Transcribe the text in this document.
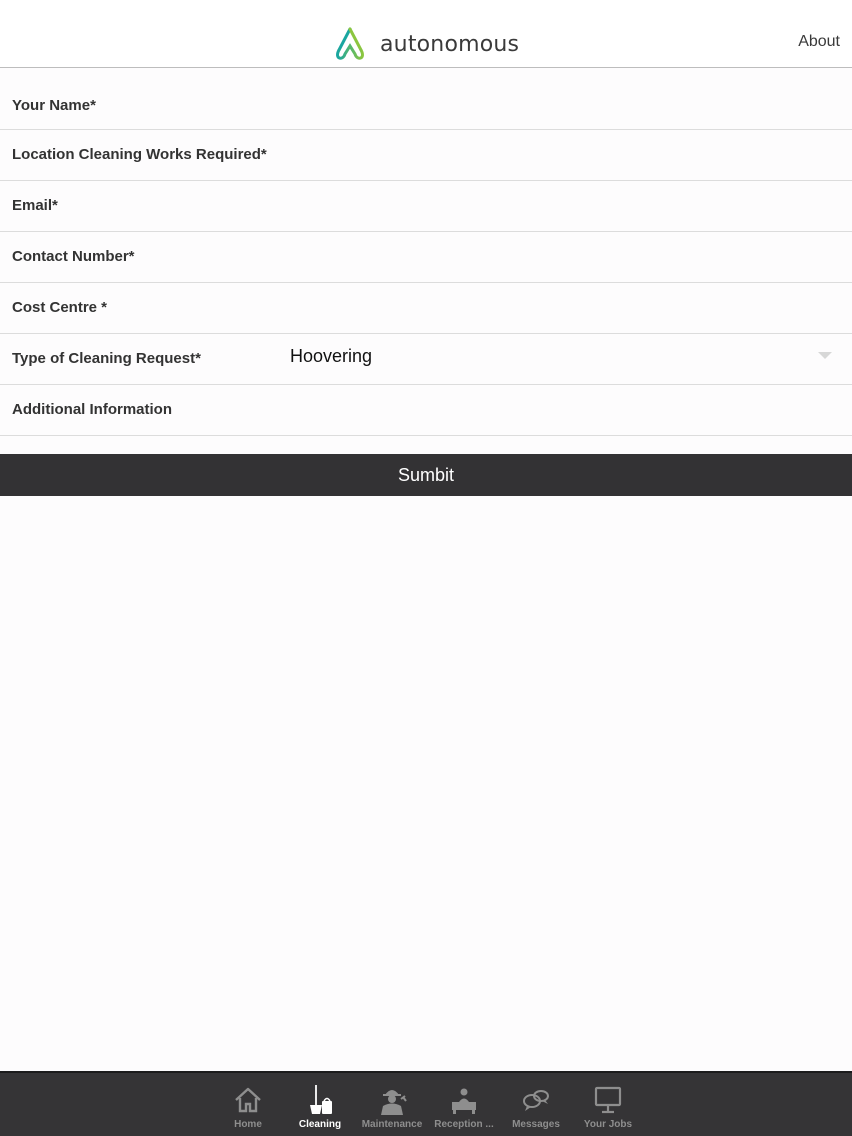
autonomous	About
Your Name*
Location Cleaning Works Required*
Email*
Contact Number*
Cost Centre *
Type of Cleaning Request*	Hoovering
Additional Information
Sumbit
Home	Cleaning Maintenance Reception ... Messages Your Jobs
